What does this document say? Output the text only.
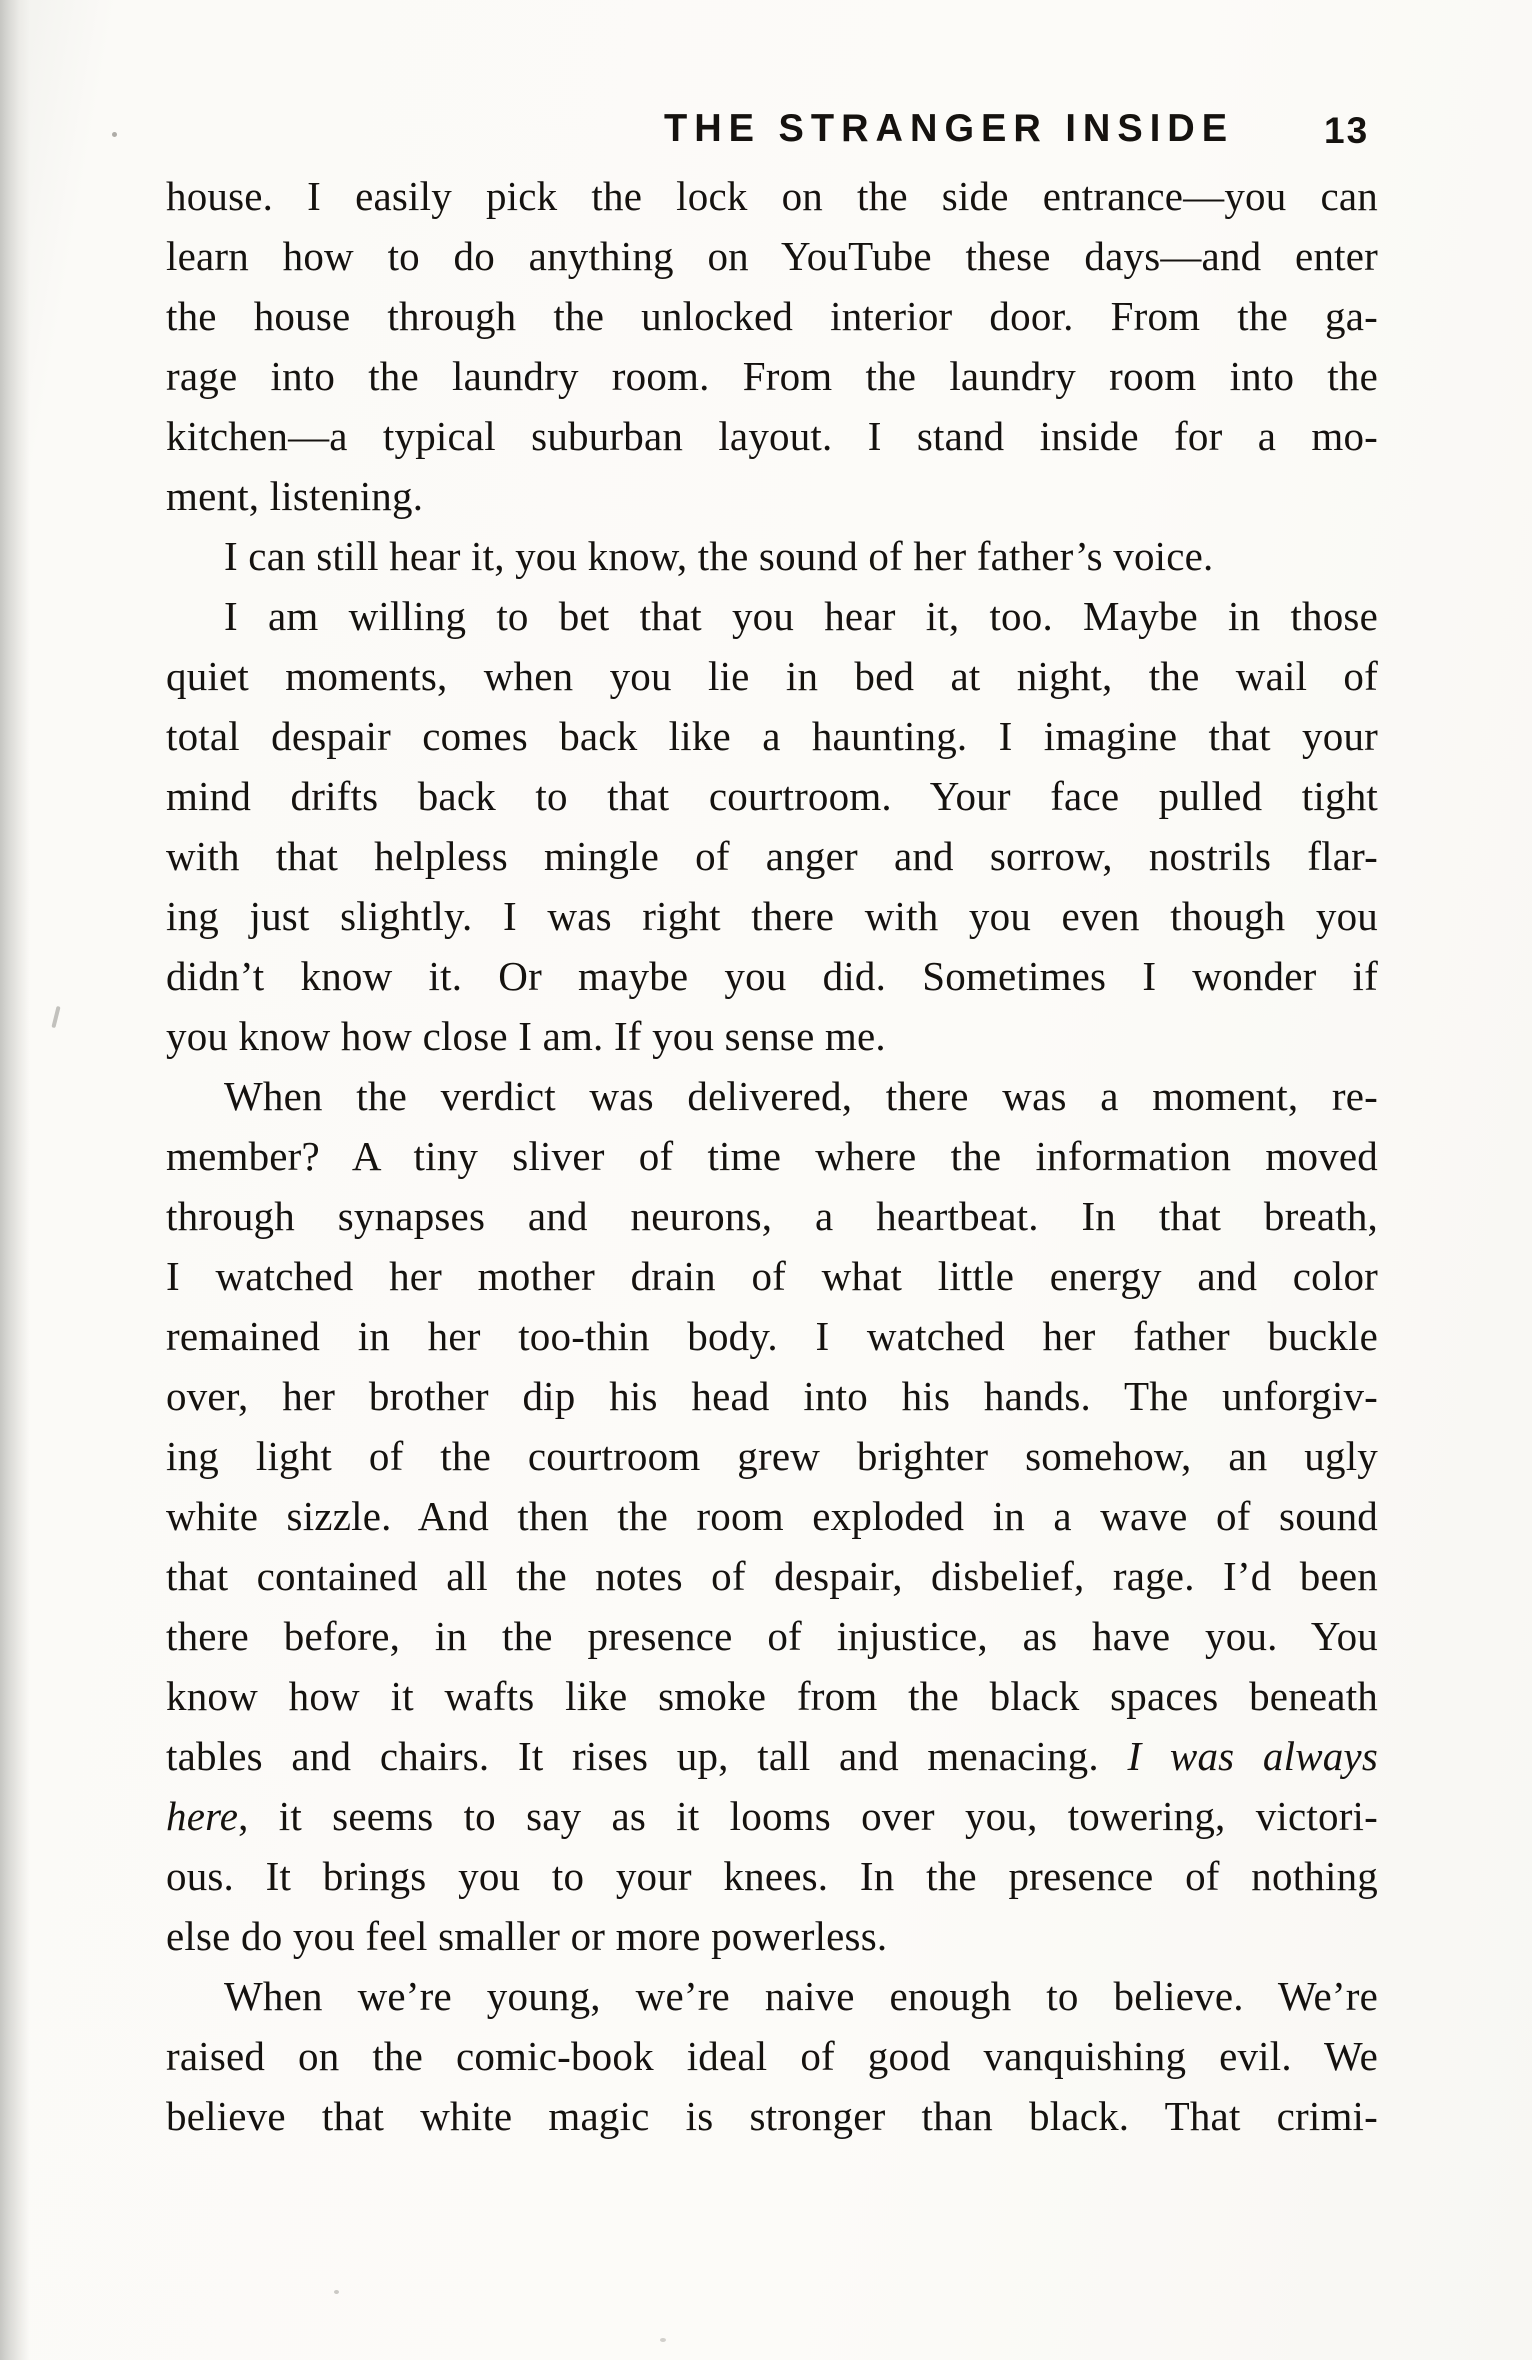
THE STRANGER INSIDE 13
house. I easily pick the lock on the side entrance—you can
learn how to do anything on YouTube these days—and enter
the house through the unlocked interior door. From the ga-
rage into the laundry room. From the laundry room into the
kitchen—a typical suburban layout. I stand inside for a mo-
ment, listening.
I can still hear it, you know, the sound of her father’s voice.
I am willing to bet that you hear it, too. Maybe in those
quiet moments, when you lie in bed at night, the wail of
total despair comes back like a haunting. I imagine that your
mind drifts back to that courtroom. Your face pulled tight
with that helpless mingle of anger and sorrow, nostrils flar-
ing just slightly. I was right there with you even though you
didn’t know it. Or maybe you did. Sometimes I wonder if
you know how close I am. If you sense me.
When the verdict was delivered, there was a moment, re-
member? A tiny sliver of time where the information moved
through synapses and neurons, a heartbeat. In that breath,
I watched her mother drain of what little energy and color
remained in her too-thin body. I watched her father buckle
over, her brother dip his head into his hands. The unforgiv-
ing light of the courtroom grew brighter somehow, an ugly
white sizzle. And then the room exploded in a wave of sound
that contained all the notes of despair, disbelief, rage. I’d been
there before, in the presence of injustice, as have you. You
know how it wafts like smoke from the black spaces beneath
tables and chairs. It rises up, tall and menacing. I was always
here, it seems to say as it looms over you, towering, victori-
ous. It brings you to your knees. In the presence of nothing
else do you feel smaller or more powerless.
When we’re young, we’re naive enough to believe. We’re
raised on the comic-book ideal of good vanquishing evil. We
believe that white magic is stronger than black. That crimi-
